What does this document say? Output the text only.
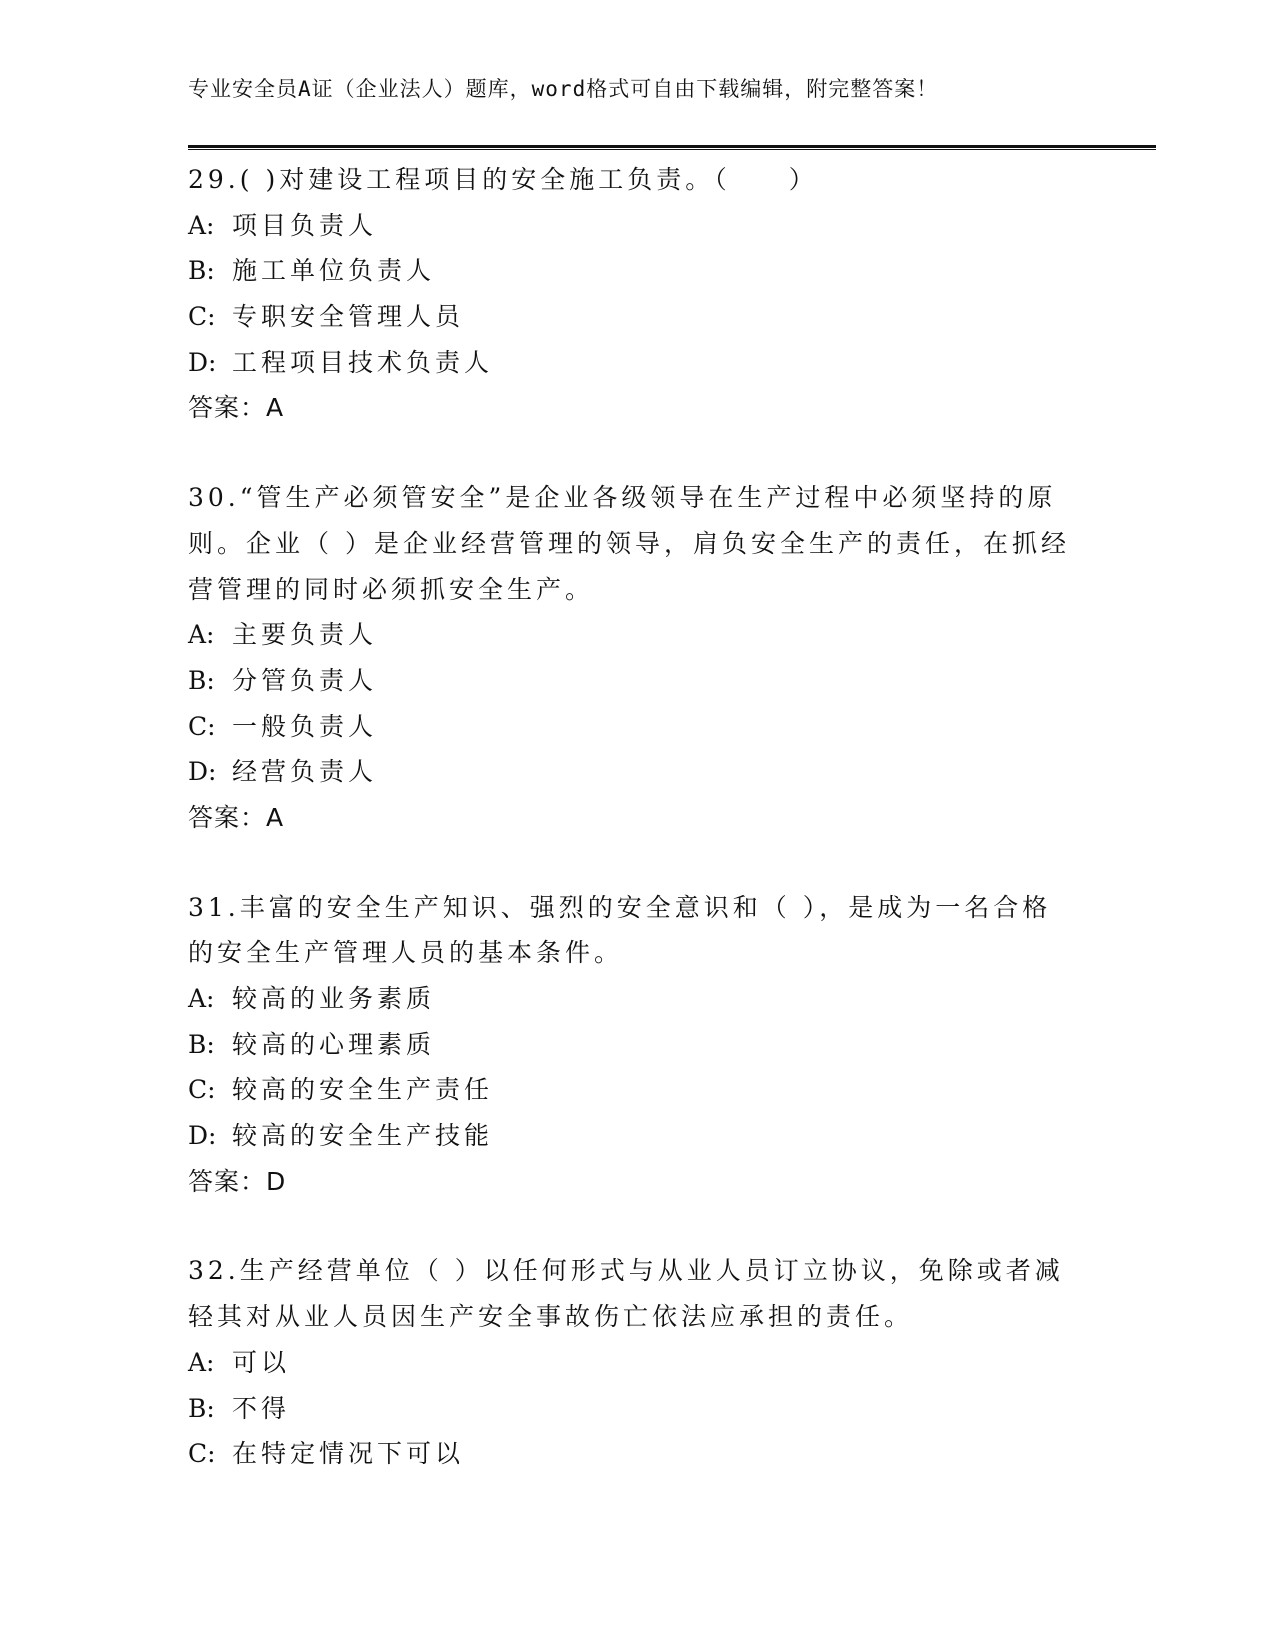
专业安全员A证（企业法人）题库，word格式可自由下载编辑，附完整答案！
29.( )对建设工程项目的安全施工负责。（　　）
A: 项目负责人
B: 施工单位负责人
C: 专职安全管理人员
D: 工程项目技术负责人
答案：A
30.“管生产必须管安全”是企业各级领导在生产过程中必须坚持的原
则。企业（ ）是企业经营管理的领导，肩负安全生产的责任，在抓经
营管理的同时必须抓安全生产。
A: 主要负责人
B: 分管负责人
C: 一般负责人
D: 经营负责人
答案：A
31.丰富的安全生产知识、强烈的安全意识和（ ），是成为一名合格
的安全生产管理人员的基本条件。
A: 较高的业务素质
B: 较高的心理素质
C: 较高的安全生产责任
D: 较高的安全生产技能
答案：D
32.生产经营单位（ ）以任何形式与从业人员订立协议，免除或者减
轻其对从业人员因生产安全事故伤亡依法应承担的责任。
A: 可以
B: 不得
C: 在特定情况下可以
